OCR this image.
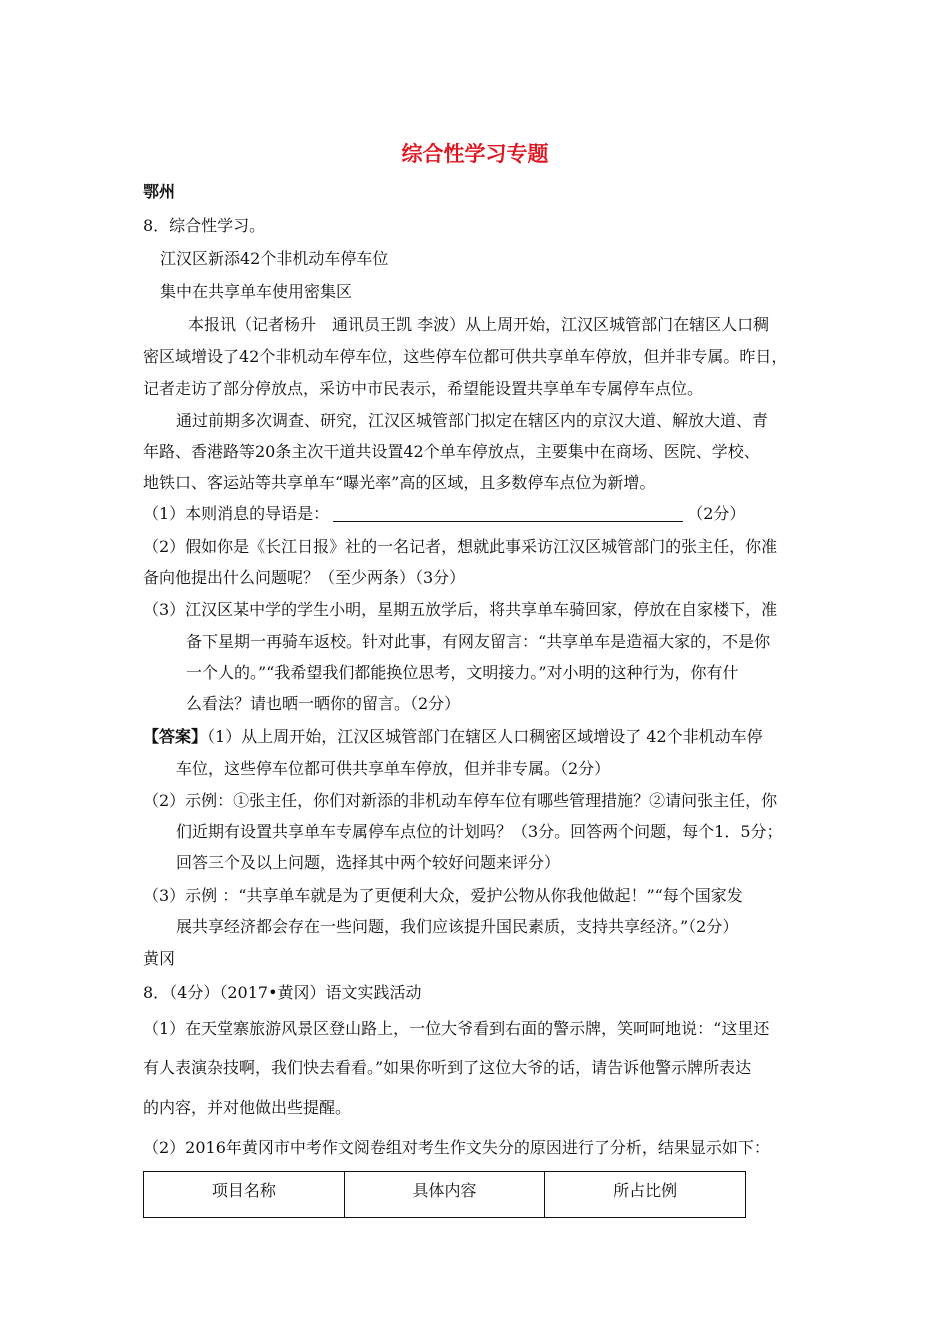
综合性学习专题
鄂州
8．综合性学习。
江汉区新添42个非机动车停车位
集中在共享单车使用密集区
本报讯（记者杨升　通讯员王凯 李波）从上周开始，江汉区城管部门在辖区人口稠
密区域增设了42个非机动车停车位，这些停车位都可供共享单车停放，但并非专属。昨日，
记者走访了部分停放点，采访中市民表示，希望能设置共享单车专属停车点位。
通过前期多次调查、研究，江汉区城管部门拟定在辖区内的京汉大道、解放大道、青
年路、香港路等20条主次干道共设置42个单车停放点，主要集中在商场、医院、学校、
地铁口、客运站等共享单车“曝光率”高的区域，且多数停车点位为新增。
（1）本则消息的导语是：	（2分）
（2）假如你是《长江日报》社的一名记者，想就此事采访江汉区城管部门的张主任，你准
备向他提出什么问题呢？（至少两条）（3分）
（3）江汉区某中学的学生小明，星期五放学后，将共享单车骑回家，停放在自家楼下，准
备下星期一再骑车返校。针对此事，有网友留言：“共享单车是造福大家的，不是你
一个人的。”“我希望我们都能换位思考，文明接力。”对小明的这种行为，你有什
么看法？请也晒一晒你的留言。（2分）
【答案】（1）从上周开始，江汉区城管部门在辖区人口稠密区域增设了 42个非机动车停
车位，这些停车位都可供共享单车停放，但并非专属。（2分）
（2）示例：①张主任，你们对新添的非机动车停车位有哪些管理措施？②请问张主任，你
们近期有设置共享单车专属停车点位的计划吗？（3分。回答两个问题，每个1．5分；
回答三个及以上问题，选择其中两个较好问题来评分）
（3）示例 ：“共享单车就是为了更便利大众，爱护公物从你我他做起！”“每个国家发
展共享经济都会存在一些问题，我们应该提升国民素质，支持共享经济。”（2分）
黄冈
8．（4分）（2017•黄冈）语文实践活动
（1）在天堂寨旅游风景区登山路上，一位大爷看到右面的警示牌，笑呵呵地说：“这里还
有人表演杂技啊，我们快去看看。”如果你听到了这位大爷的话，请告诉他警示牌所表达
的内容，并对他做出些提醒。
（2）2016年黄冈市中考作文阅卷组对考生作文失分的原因进行了分析，结果显示如下：
项目名称	具体内容	所占比例
